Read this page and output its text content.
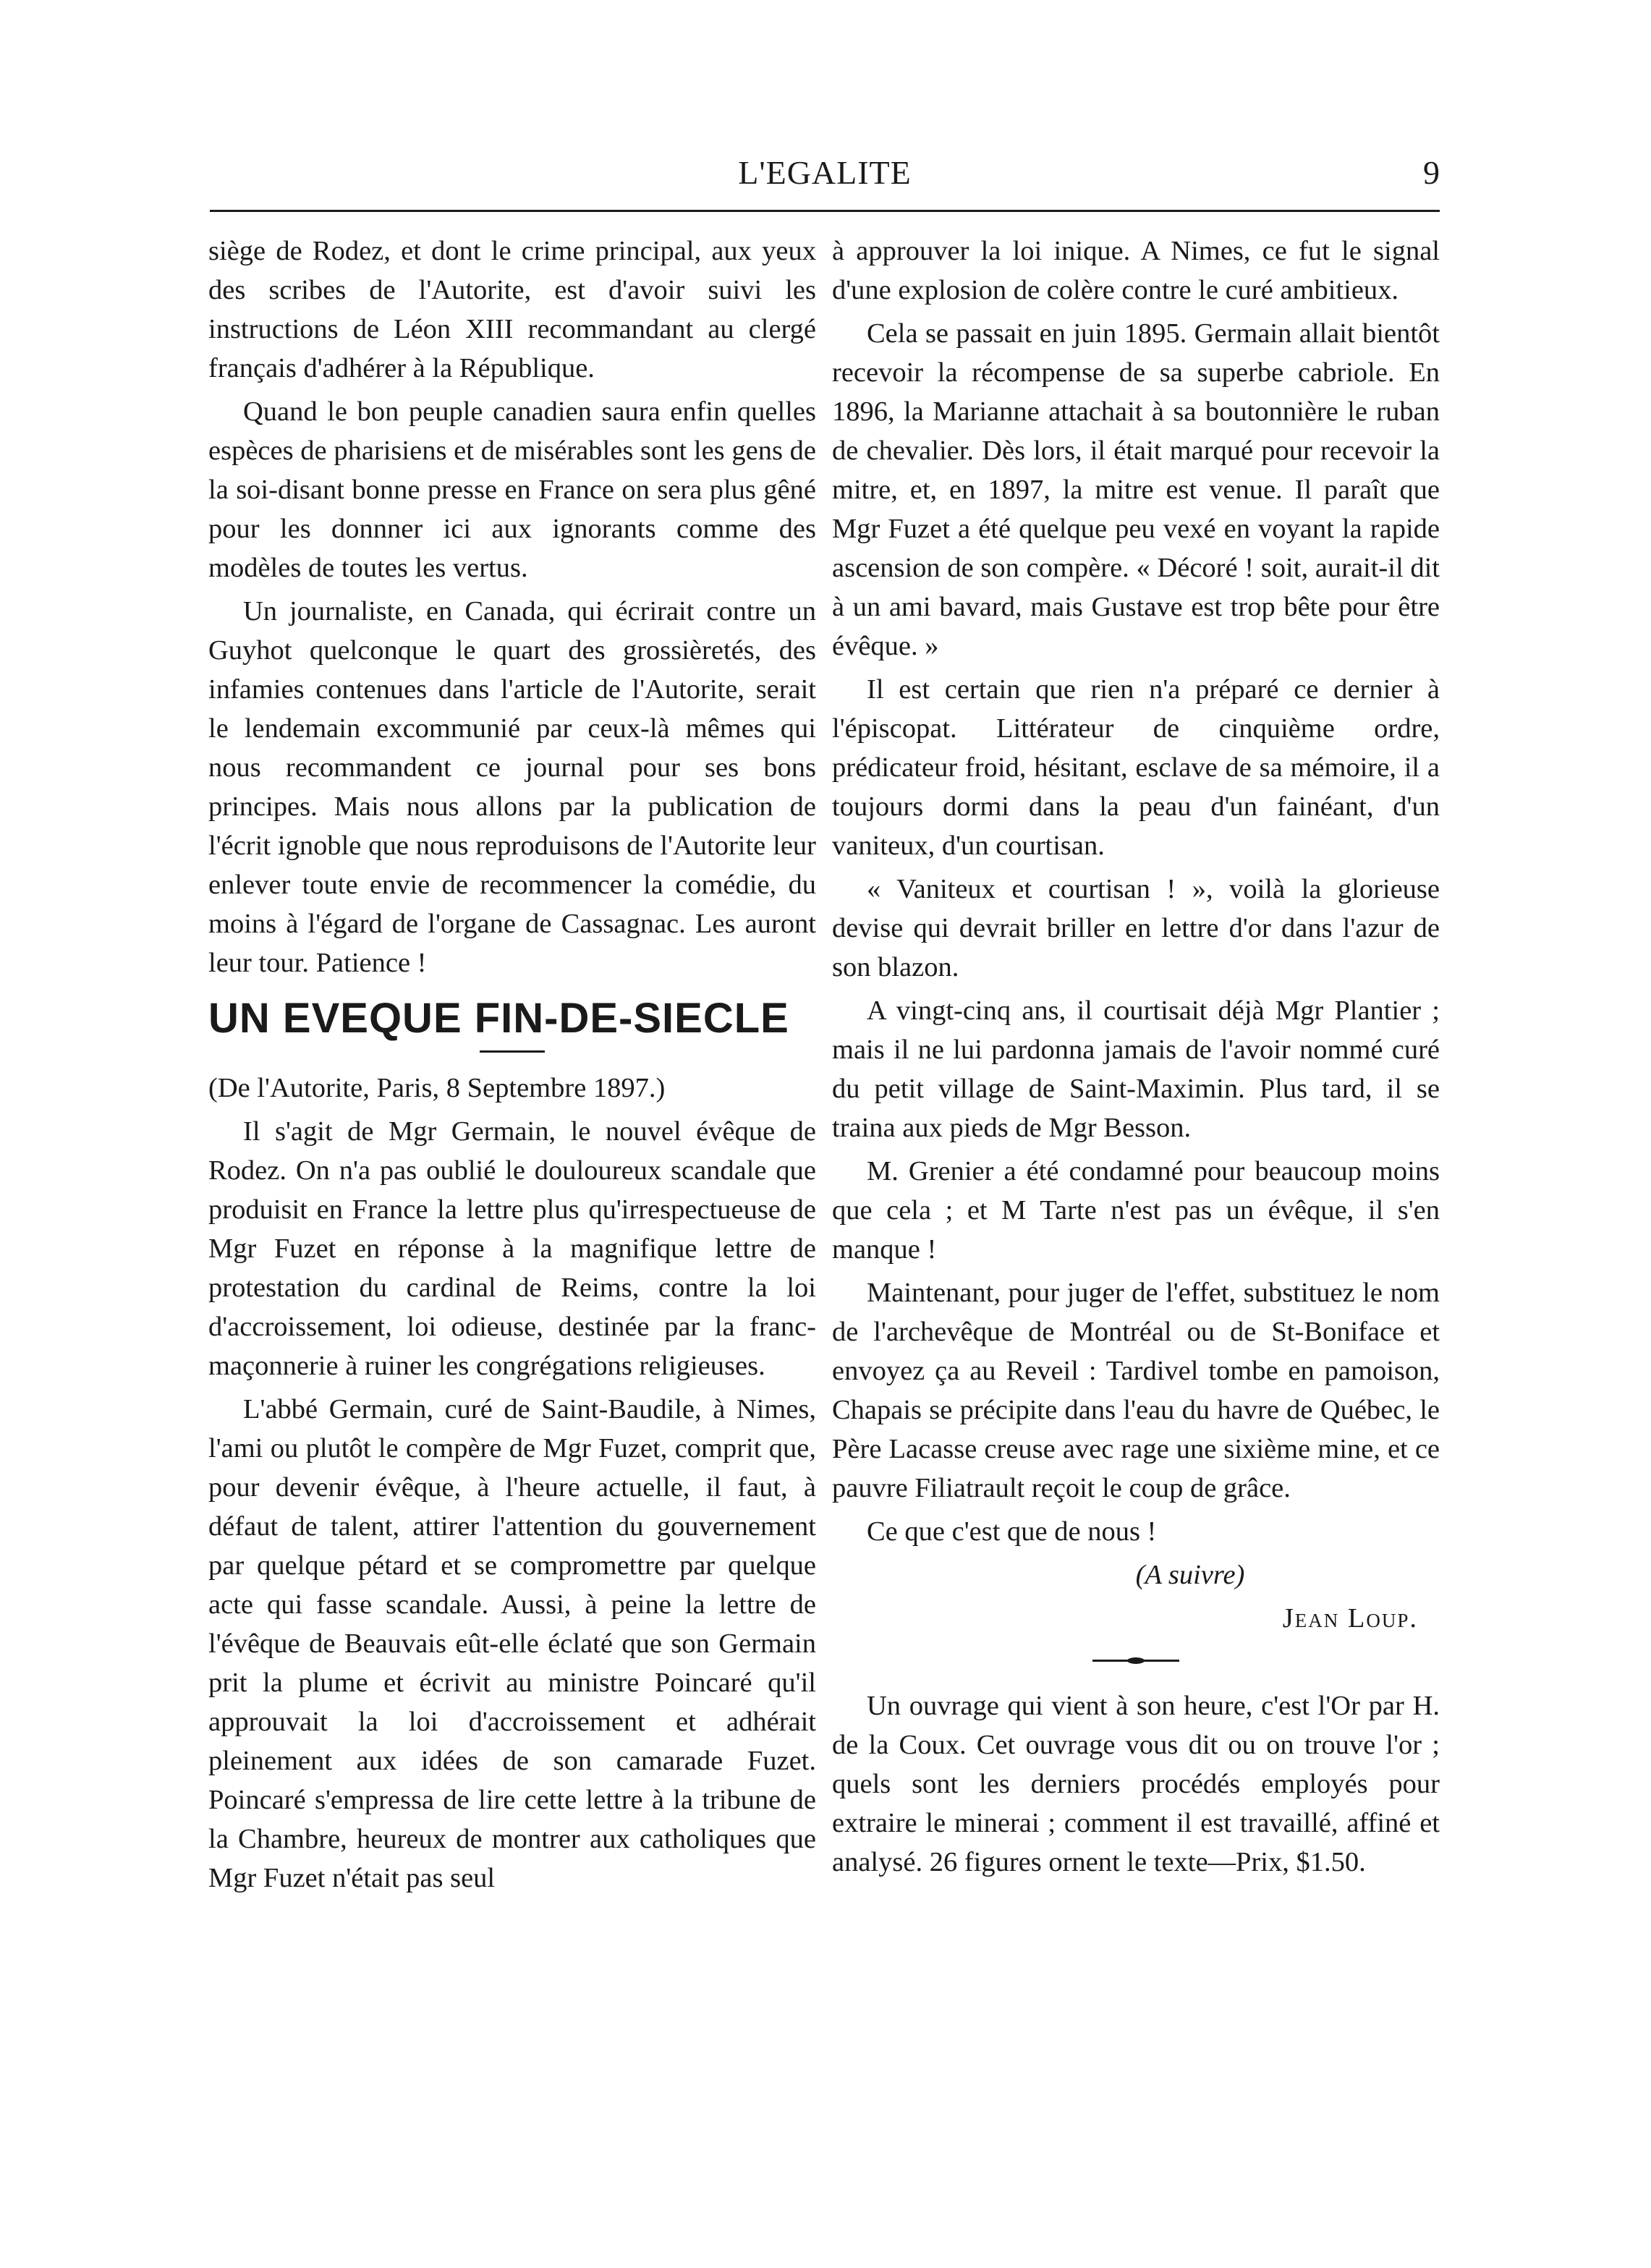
L'EGALITE	9

siège de Rodez, et dont le crime principal, aux yeux des scribes de l'Autorite, est d'avoir suivi les instructions de Léon XIII recommandant au clergé français d'adhérer à la République.

Quand le bon peuple canadien saura enfin quelles espèces de pharisiens et de misérables sont les gens de la soi-disant bonne presse en France on sera plus gêné pour les donnner ici aux ignorants comme des modèles de toutes les vertus.

Un journaliste, en Canada, qui écrirait contre un Guyhot quelconque le quart des grossièretés, des infamies contenues dans l'article de l'Autorite, serait le lendemain excommunié par ceux-là mêmes qui nous recommandent ce journal pour ses bons principes. Mais nous allons par la publication de l'écrit ignoble que nous reproduisons de l'Autorite leur enlever toute envie de recommencer la comédie, du moins à l'égard de l'organe de Cassagnac. Les auront leur tour. Patience !

UN EVEQUE FIN-DE-SIECLE

(De l'Autorite, Paris, 8 Septembre 1897.)

Il s'agit de Mgr Germain, le nouvel évêque de Rodez. On n'a pas oublié le douloureux scandale que produisit en France la lettre plus qu'irrespectueuse de Mgr Fuzet en réponse à la magnifique lettre de protestation du cardinal de Reims, contre la loi d'accroissement, loi odieuse, destinée par la franc-maçonnerie à ruiner les congrégations religieuses.

L'abbé Germain, curé de Saint-Baudile, à Nimes, l'ami ou plutôt le compère de Mgr Fuzet, comprit que, pour devenir évêque, à l'heure actuelle, il faut, à défaut de talent, attirer l'attention du gouvernement par quelque pétard et se compromettre par quelque acte qui fasse scandale. Aussi, à peine la lettre de l'évêque de Beauvais eût-elle éclaté que son Germain prit la plume et écrivit au ministre Poincaré qu'il approuvait la loi d'accroissement et adhérait pleinement aux idées de son camarade Fuzet. Poincaré s'empressa de lire cette lettre à la tribune de la Chambre, heureux de montrer aux catholiques que Mgr Fuzet n'était pas seul

à approuver la loi inique. A Nimes, ce fut le signal d'une explosion de colère contre le curé ambitieux.

Cela se passait en juin 1895. Germain allait bientôt recevoir la récompense de sa superbe cabriole. En 1896, la Marianne attachait à sa boutonnière le ruban de chevalier. Dès lors, il était marqué pour recevoir la mitre, et, en 1897, la mitre est venue. Il paraît que Mgr Fuzet a été quelque peu vexé en voyant la rapide ascension de son compère. « Décoré ! soit, aurait-il dit à un ami bavard, mais Gustave est trop bête pour être évêque. »

Il est certain que rien n'a préparé ce dernier à l'épiscopat. Littérateur de cinquième ordre, prédicateur froid, hésitant, esclave de sa mémoire, il a toujours dormi dans la peau d'un fainéant, d'un vaniteux, d'un courtisan.

« Vaniteux et courtisan ! », voilà la glorieuse devise qui devrait briller en lettre d'or dans l'azur de son blazon.

A vingt-cinq ans, il courtisait déjà Mgr Plantier ; mais il ne lui pardonna jamais de l'avoir nommé curé du petit village de Saint-Maximin. Plus tard, il se traina aux pieds de Mgr Besson.

M. Grenier a été condamné pour beaucoup moins que cela ; et M Tarte n'est pas un évêque, il s'en manque !

Maintenant, pour juger de l'effet, substituez le nom de l'archevêque de Montréal ou de St-Boniface et envoyez ça au Reveil : Tardivel tombe en pamoison, Chapais se précipite dans l'eau du havre de Québec, le Père Lacasse creuse avec rage une sixième mine, et ce pauvre Filiatrault reçoit le coup de grâce.

Ce que c'est que de nous !

(A suivre)

Jean Loup.

Un ouvrage qui vient à son heure, c'est l'Or par H. de la Coux. Cet ouvrage vous dit ou on trouve l'or ; quels sont les derniers procédés employés pour extraire le minerai ; comment il est travaillé, affiné et analysé. 26 figures ornent le texte—Prix, $1.50.
